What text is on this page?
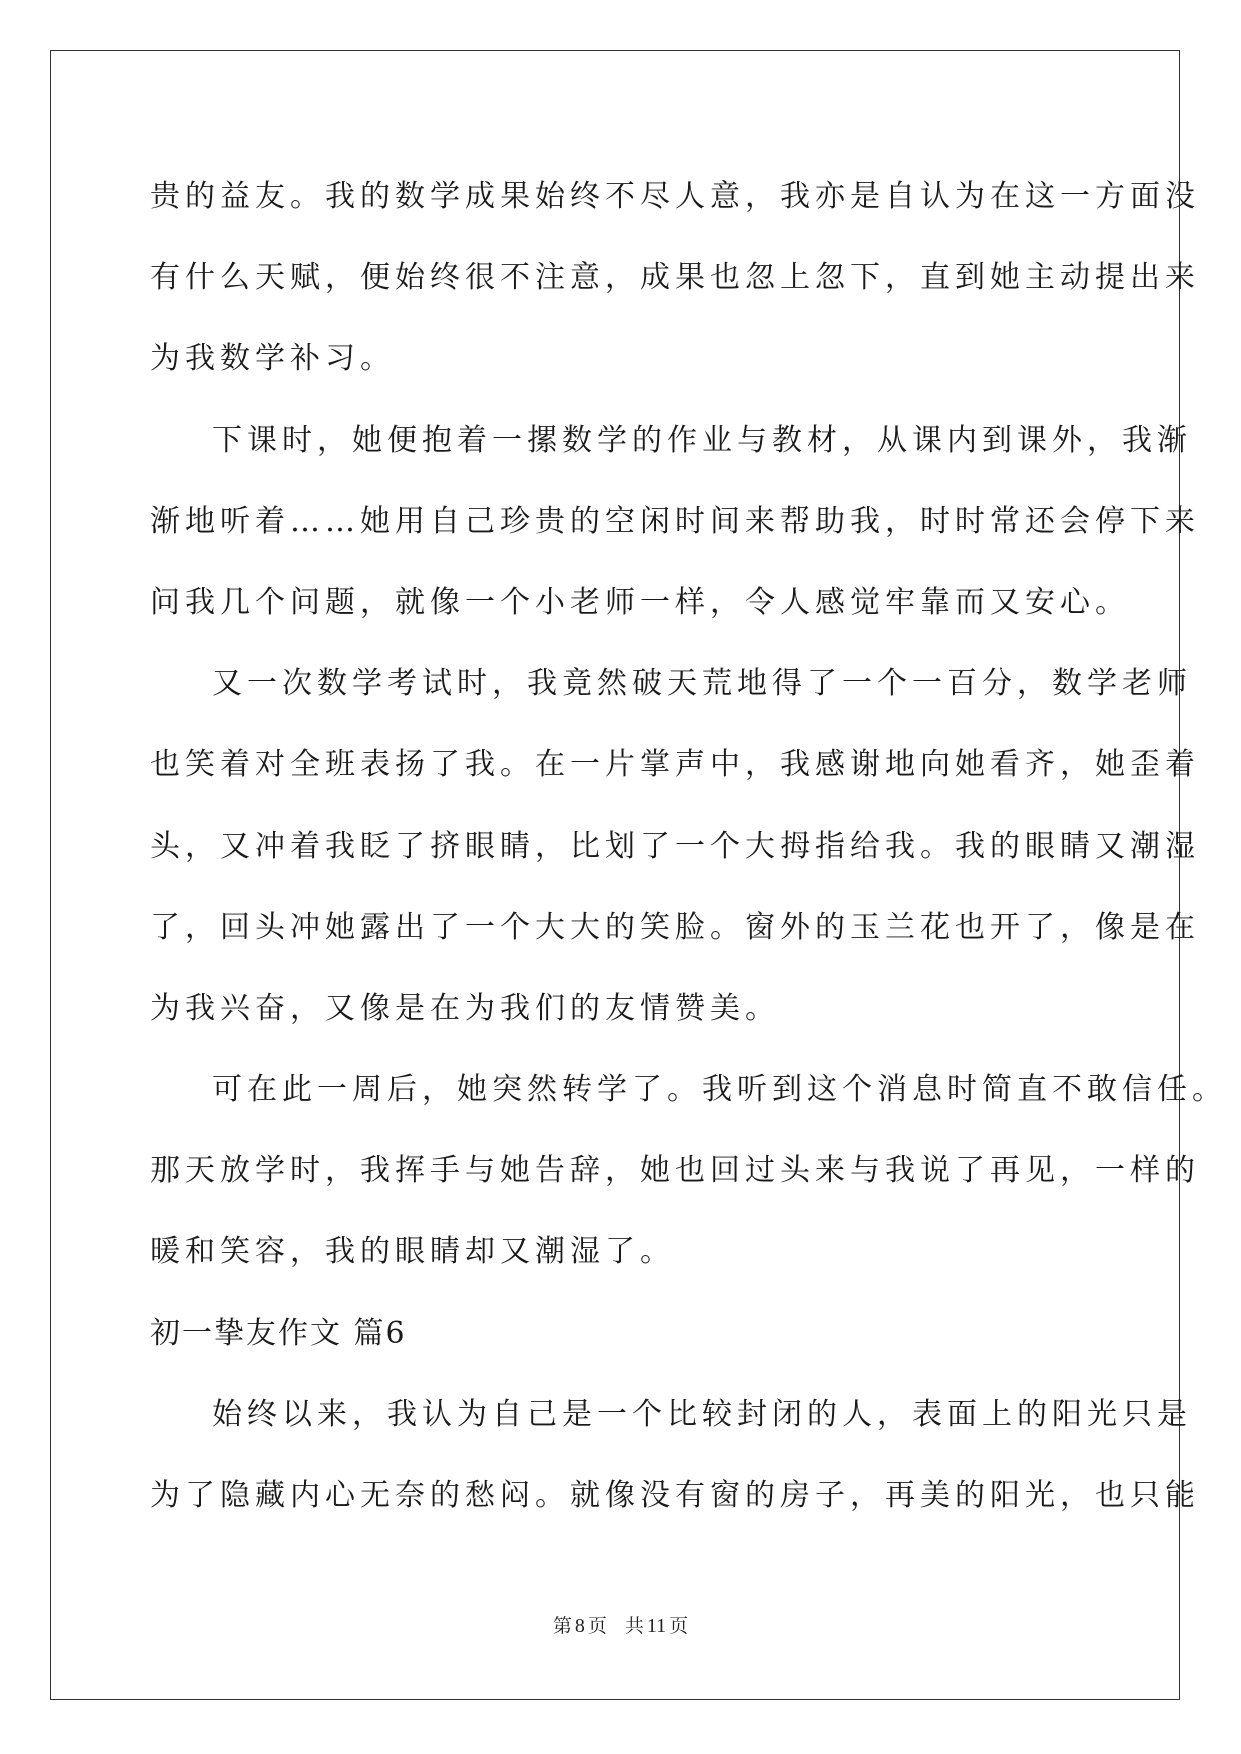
贵的益友。我的数学成果始终不尽人意，我亦是自认为在这一方面没
有什么天赋，便始终很不注意，成果也忽上忽下，直到她主动提出来
为我数学补习。
下课时，她便抱着一摞数学的作业与教材，从课内到课外，我渐
渐地听着……她用自己珍贵的空闲时间来帮助我，时时常还会停下来
问我几个问题，就像一个小老师一样，令人感觉牢靠而又安心。
又一次数学考试时，我竟然破天荒地得了一个一百分，数学老师
也笑着对全班表扬了我。在一片掌声中，我感谢地向她看齐，她歪着
头，又冲着我眨了挤眼睛，比划了一个大拇指给我。我的眼睛又潮湿
了，回头冲她露出了一个大大的笑脸。窗外的玉兰花也开了，像是在
为我兴奋，又像是在为我们的友情赞美。
可在此一周后，她突然转学了。我听到这个消息时简直不敢信任。
那天放学时，我挥手与她告辞，她也回过头来与我说了再见，一样的
暖和笑容，我的眼睛却又潮湿了。
初一挚友作文 篇6
始终以来，我认为自己是一个比较封闭的人，表面上的阳光只是
为了隐藏内心无奈的愁闷。就像没有窗的房子，再美的阳光，也只能
第 8 页 共 11 页
